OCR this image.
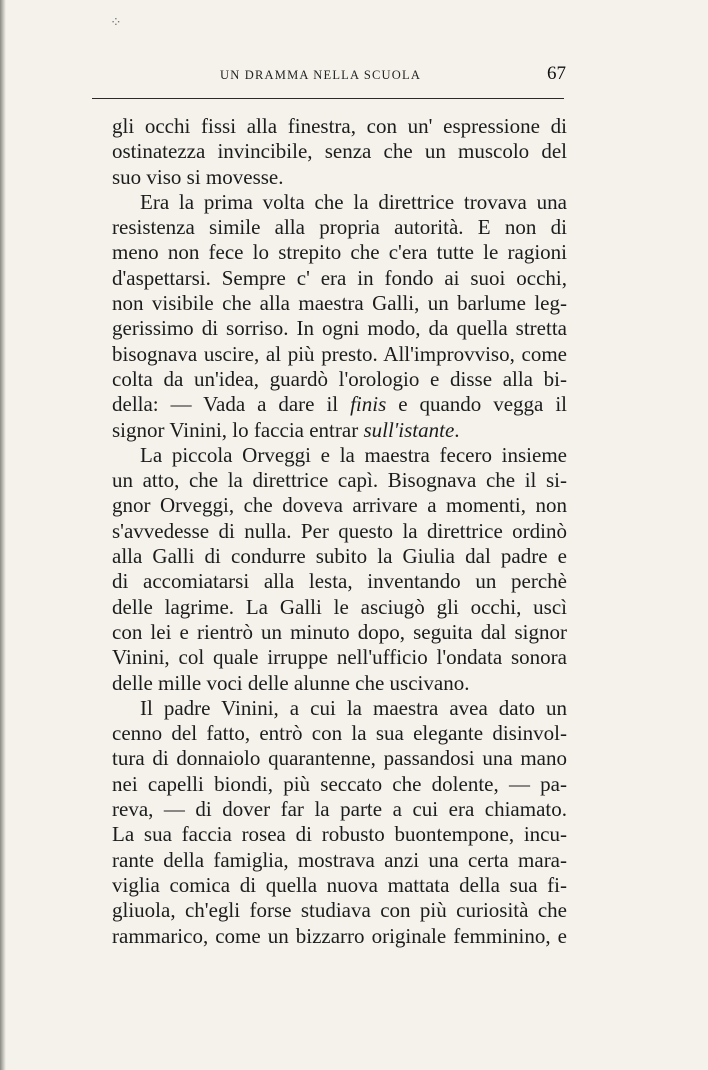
⁘
UN DRAMMA NELLA SCUOLA	67
gli occhi fissi alla finestra, con un' espressione di
ostinatezza invincibile, senza che un muscolo del
suo viso si movesse.
Era la prima volta che la direttrice trovava una
resistenza simile alla propria autorità. E non di
meno non fece lo strepito che c'era tutte le ragioni
d'aspettarsi. Sempre c' era in fondo ai suoi occhi,
non visibile che alla maestra Galli, un barlume leg-
gerissimo di sorriso. In ogni modo, da quella stretta
bisognava uscire, al più presto. All'improvviso, come
colta da un'idea, guardò l'orologio e disse alla bi-
della: — Vada a dare il finis e quando vegga il
signor Vinini, lo faccia entrar sull'istante.
La piccola Orveggi e la maestra fecero insieme
un atto, che la direttrice capì. Bisognava che il si-
gnor Orveggi, che doveva arrivare a momenti, non
s'avvedesse di nulla. Per questo la direttrice ordinò
alla Galli di condurre subito la Giulia dal padre e
di accomiatarsi alla lesta, inventando un perchè
delle lagrime. La Galli le asciugò gli occhi, uscì
con lei e rientrò un minuto dopo, seguita dal signor
Vinini, col quale irruppe nell'ufficio l'ondata sonora
delle mille voci delle alunne che uscivano.
Il padre Vinini, a cui la maestra avea dato un
cenno del fatto, entrò con la sua elegante disinvol-
tura di donnaiolo quarantenne, passandosi una mano
nei capelli biondi, più seccato che dolente, — pa-
reva, — di dover far la parte a cui era chiamato.
La sua faccia rosea di robusto buontempone, incu-
rante della famiglia, mostrava anzi una certa mara-
viglia comica di quella nuova mattata della sua fi-
gliuola, ch'egli forse studiava con più curiosità che
rammarico, come un bizzarro originale femminino, e
